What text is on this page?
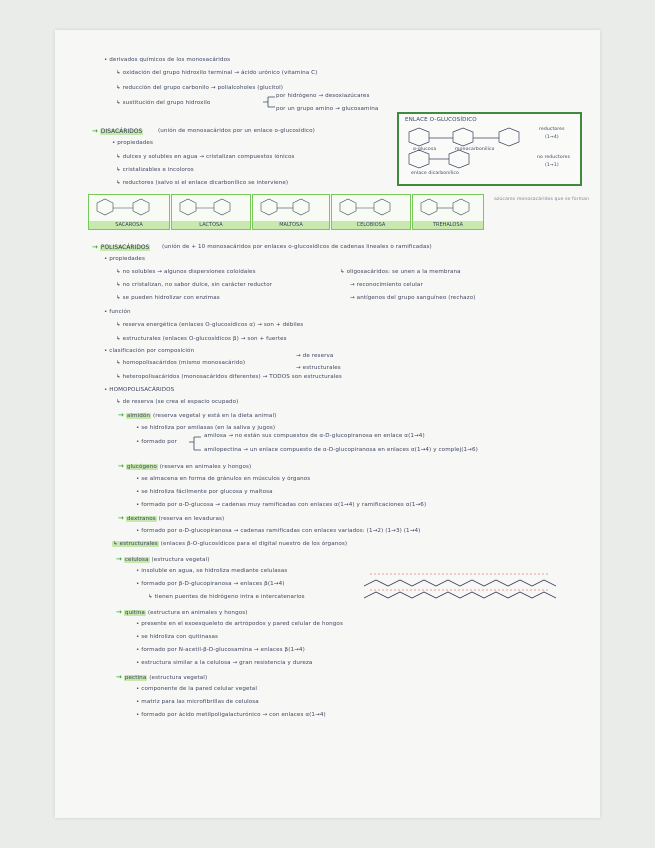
• derivados químicos de los monosacáridos
↳ oxidación del grupo hidroxilo terminal → ácido urónico (vitamina C)
↳ reducción del grupo carbonilo → polialcoholes (glucitol)
↳ sustitución del grupo hidroxilo
por hidrógeno → desoxiazúcares
por un grupo amino → glucosamina
→ DISACÁRIDOS	(unión de monosacáridos por un enlace o-glucosídico)
• propiedades
↳ dulces y solubles en agua → cristalizan compuestos iónicos
↳ cristalizables e incoloros
↳ reductores (salvo si el enlace dicarbonílico se interviene)
ENLACE O-GLUCOSÍDICO
α-glucosa	monocarbonílico
enlace dicarbonílico
reductores
(1→4)
no reductores
(1→1)
SACAROSA	LACTOSA	MALTOSA	CELOBIOSA	TREHALOSA
azúcares monosacáridos que se forman
→ POLISACÁRIDOS (unión de + 10 monosacáridos por enlaces o-glucosídicos de cadenas lineales o ramificadas)
• propiedades
↳ no solubles → algunos dispersiones coloidales
↳ no cristalizan, no sabor dulce, sin carácter reductor
↳ se pueden hidrolizar con enzimas
↳ oligosacáridos: se unen a la membrana
→ reconocimiento celular
→ antígenos del grupo sanguíneo (rechazo)
• función
↳ reserva energética (enlaces O-glucosídicos α) → son + débiles
↳ estructurales (enlaces O-glucosídicos β) → son + fuertes
• clasificación por composición
↳ homopolisacáridos (mismo monosacárido)
→ de reserva
→ estructurales
↳ heteropolisacáridos (monosacáridos diferentes) → TODOS son estructurales
• HOMOPOLISACÁRIDOS
↳ de reserva (se crea el espacio ocupado)
→ almidón (reserva vegetal y está en la dieta animal)
• se hidroliza por amilasas (en la saliva y jugos)
• formado por
amilosa → no están sus compuestos de α-D-glucopiranosa en enlace α(1→4)
amilopectina → un enlace compuesto de α-D-glucopiranosa en enlaces α(1→4) y complej(1→6)
→ glucógeno (reserva en animales y hongos)
• se almacena en forma de gránulos en músculos y órganos
• se hidroliza fácilmente por glucosa y maltosa
• formado por α-D-glucosa → cadenas muy ramificadas con enlaces α(1→4) y ramificaciones α(1→6)
→ dextranos (reserva en levaduras)
• formado por α-D-glucopiranosa → cadenas ramificadas con enlaces variados: (1→2) (1→3) (1→4)
↳ estructurales (enlaces β-O-glucosídicos para el digital nuestro de los órganos)
→ celulosa (estructura vegetal)
• insoluble en agua, se hidroliza mediante celulasas
• formado por β-D-glucopiranosa → enlaces β(1→4)
↳ tienen puentes de hidrógeno intra e intercatenarios
→ quitina (estructura en animales y hongos)
• presente en el exoesqueleto de artrópodos y pared celular de hongos
• se hidroliza con quitinasas
• formado por N-acetil-β-D-glucosamina → enlaces β(1→4)
• estructura similar a la celulosa → gran resistencia y dureza
→ pectina (estructura vegetal)
• componente de la pared celular vegetal
• matriz para las microfibrillas de celulosa
• formado por ácido metilpoligalacturónico → con enlaces α(1→4)
